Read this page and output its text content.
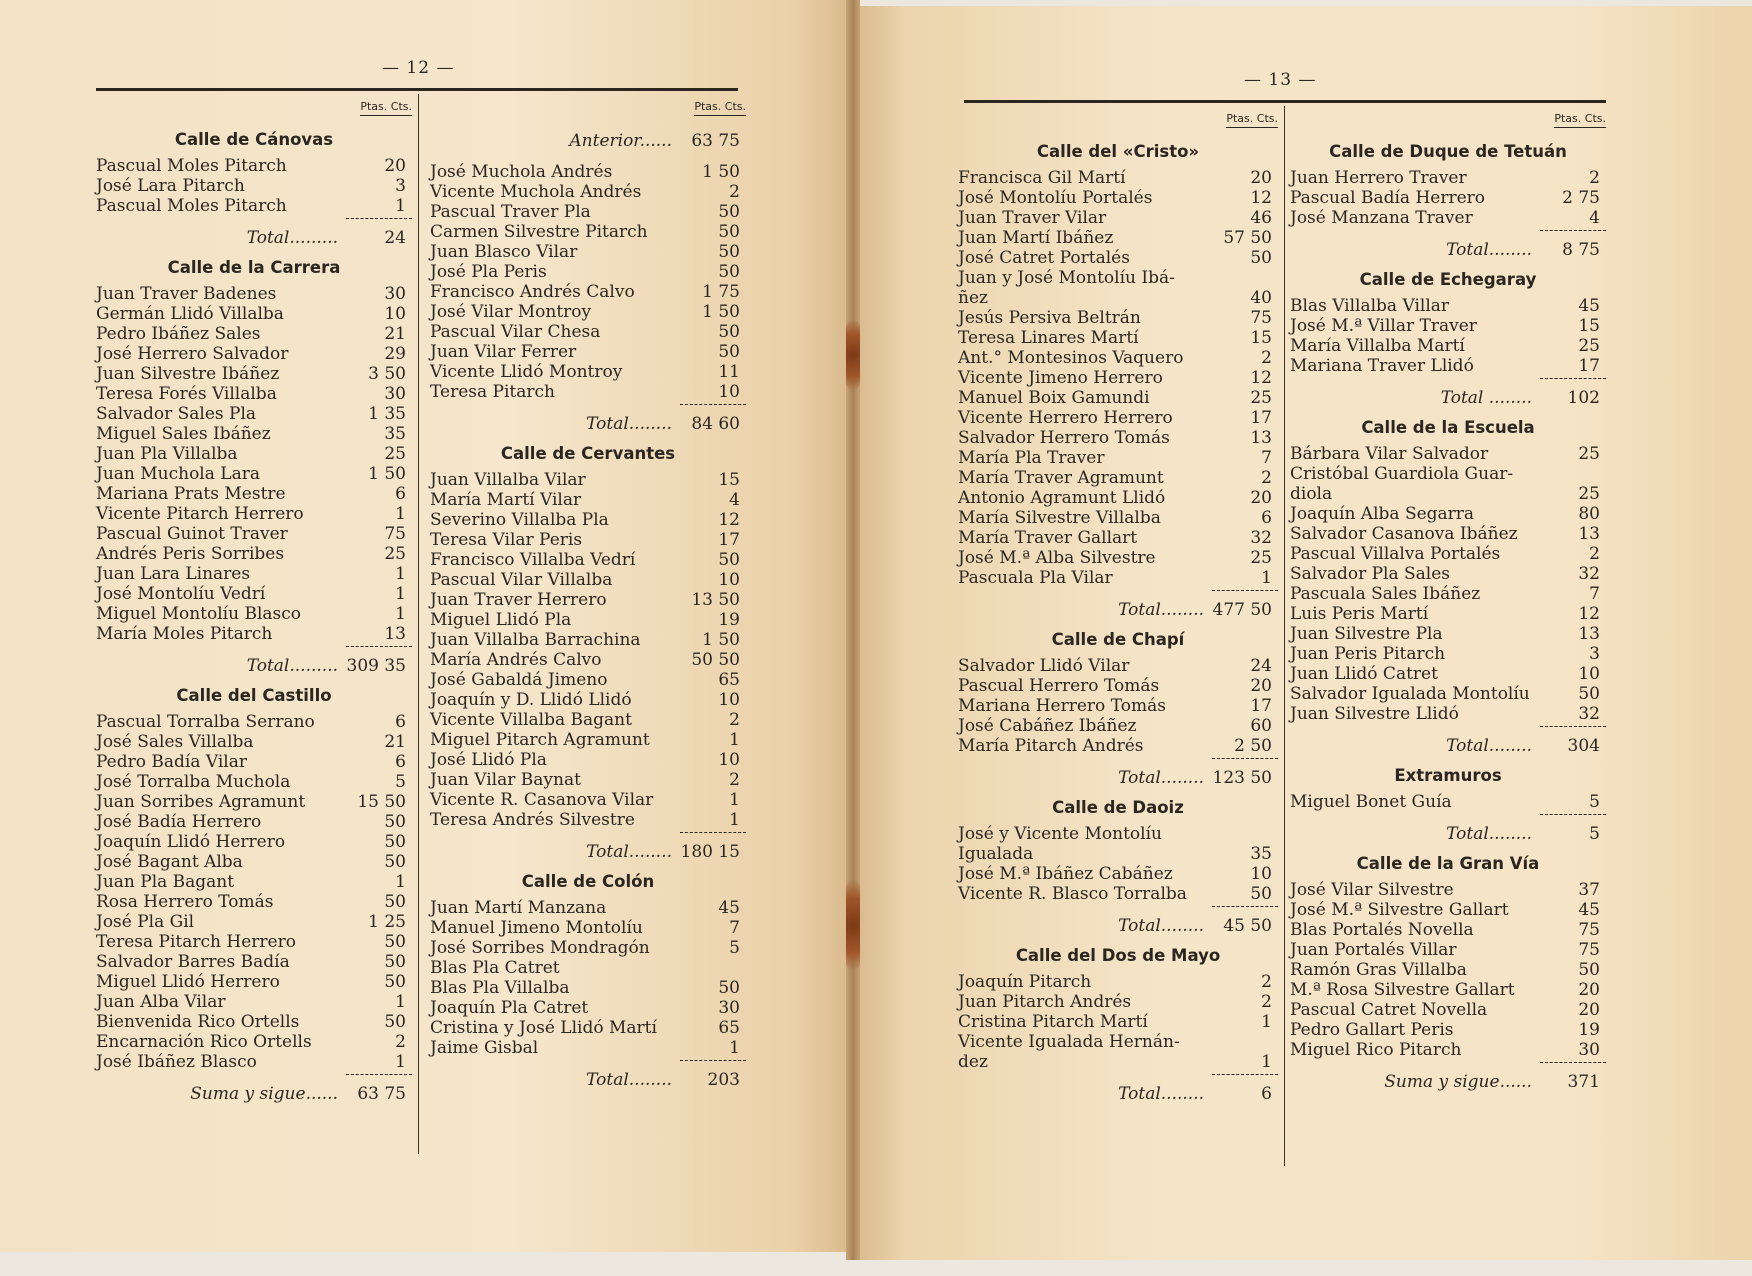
— 12 —
Ptas. Cts.
Calle de Cánovas
Pascual Moles Pitarch	20
José Lara Pitarch	3
Pascual Moles Pitarch	1
Total.........	24
Calle de la Carrera
Juan Traver Badenes	30
Germán Llidó Villalba	10
Pedro Ibáñez Sales	21
José Herrero Salvador	29
Juan Silvestre Ibáñez	3 50
Teresa Forés Villalba	30
Salvador Sales Pla	1 35
Miguel Sales Ibáñez	35
Juan Pla Villalba	25
Juan Muchola Lara	1 50
Mariana Prats Mestre	6
Vicente Pitarch Herrero	1
Pascual Guinot Traver	75
Andrés Peris Sorribes	25
Juan Lara Linares	1
José Montolíu Vedrí	1
Miguel Montolíu Blasco	1
María Moles Pitarch	13
Total......... 309 35
Calle del Castillo
Pascual Torralba Serrano	6
José Sales Villalba	21
Pedro Badía Vilar	6
José Torralba Muchola	5
Juan Sorribes Agramunt	15 50
José Badía Herrero	50
Joaquín Llidó Herrero	50
José Bagant Alba	50
Juan Pla Bagant	1
Rosa Herrero Tomás	50
José Pla Gil	1 25
Teresa Pitarch Herrero	50
Salvador Barres Badía	50
Miguel Llidó Herrero	50
Juan Alba Vilar	1
Bienvenida Rico Ortells	50
Encarnación Rico Ortells	2
José Ibáñez Blasco	1
Suma y sigue...... 63 75
Ptas. Cts.
Anterior...... 63 75
José Muchola Andrés	1 50
Vicente Muchola Andrés	2
Pascual Traver Pla	50
Carmen Silvestre Pitarch	50
Juan Blasco Vilar	50
José Pla Peris	50
Francisco Andrés Calvo	1 75
José Vilar Montroy	1 50
Pascual Vilar Chesa	50
Juan Vilar Ferrer	50
Vicente Llidó Montroy	11
Teresa Pitarch	10
Total........ 84 60
Calle de Cervantes
Juan Villalba Vilar	15
María Martí Vilar	4
Severino Villalba Pla	12
Teresa Vilar Peris	17
Francisco Villalba Vedrí	50
Pascual Vilar Villalba	10
Juan Traver Herrero	13 50
Miguel Llidó Pla	19
Juan Villalba Barrachina	1 50
María Andrés Calvo	50 50
José Gabaldá Jimeno	65
Joaquín y D. Llidó Llidó	10
Vicente Villalba Bagant	2
Miguel Pitarch Agramunt	1
José Llidó Pla	10
Juan Vilar Baynat	2
Vicente R. Casanova Vilar	1
Teresa Andrés Silvestre	1
Total........ 180 15
Calle de Colón
Juan Martí Manzana	45
Manuel Jimeno Montolíu	7
José Sorribes Mondragón	5
Blas Pla Catret
Blas Pla Villalba	50
Joaquín Pla Catret	30
Cristina y José Llidó Martí	65
Jaime Gisbal	1
Total........ 203
— 13 —
Ptas. Cts.
Calle del «Cristo»
Francisca Gil Martí	20
José Montolíu Portalés	12
Juan Traver Vilar	46
Juan Martí Ibáñez	57 50
José Catret Portalés	50
Juan y José Montolíu Ibá-
ñez	40
Jesús Persiva Beltrán	75
Teresa Linares Martí	15
Ant.° Montesinos Vaquero	2
Vicente Jimeno Herrero	12
Manuel Boix Gamundi	25
Vicente Herrero Herrero	17
Salvador Herrero Tomás	13
María Pla Traver	7
María Traver Agramunt	2
Antonio Agramunt Llidó	20
María Silvestre Villalba	6
María Traver Gallart	32
José M.ª Alba Silvestre	25
Pascuala Pla Vilar	1
Total........ 477 50
Calle de Chapí
Salvador Llidó Vilar	24
Pascual Herrero Tomás	20
Mariana Herrero Tomás	17
José Cabáñez Ibáñez	60
María Pitarch Andrés	2 50
Total........ 123 50
Calle de Daoiz
José y Vicente Montolíu
Igualada	35
José M.ª Ibáñez Cabáñez	10
Vicente R. Blasco Torralba	50
Total........ 45 50
Calle del Dos de Mayo
Joaquín Pitarch	2
Juan Pitarch Andrés	2
Cristina Pitarch Martí	1
Vicente Igualada Hernán-
dez	1
Total........	6
Ptas. Cts.
Calle de Duque de Tetuán
Juan Herrero Traver	2
Pascual Badía Herrero	2 75
José Manzana Traver	4
Total........ 8 75
Calle de Echegaray
Blas Villalba Villar	45
José M.ª Villar Traver	15
María Villalba Martí	25
Mariana Traver Llidó	17
Total ........ 102
Calle de la Escuela
Bárbara Vilar Salvador	25
Cristóbal Guardiola Guar-
diola	25
Joaquín Alba Segarra	80
Salvador Casanova Ibáñez	13
Pascual Villalva Portalés	2
Salvador Pla Sales	32
Pascuala Sales Ibáñez	7
Luis Peris Martí	12
Juan Silvestre Pla	13
Juan Peris Pitarch	3
Juan Llidó Catret	10
Salvador Igualada Montolíu	50
Juan Silvestre Llidó	32
Total........ 304
Extramuros
Miguel Bonet Guía	5
Total........	5
Calle de la Gran Vía
José Vilar Silvestre	37
José M.ª Silvestre Gallart	45
Blas Portalés Novella	75
Juan Portalés Villar	75
Ramón Gras Villalba	50
M.ª Rosa Silvestre Gallart	20
Pascual Catret Novella	20
Pedro Gallart Peris	19
Miguel Rico Pitarch	30
Suma y sigue...... 371
